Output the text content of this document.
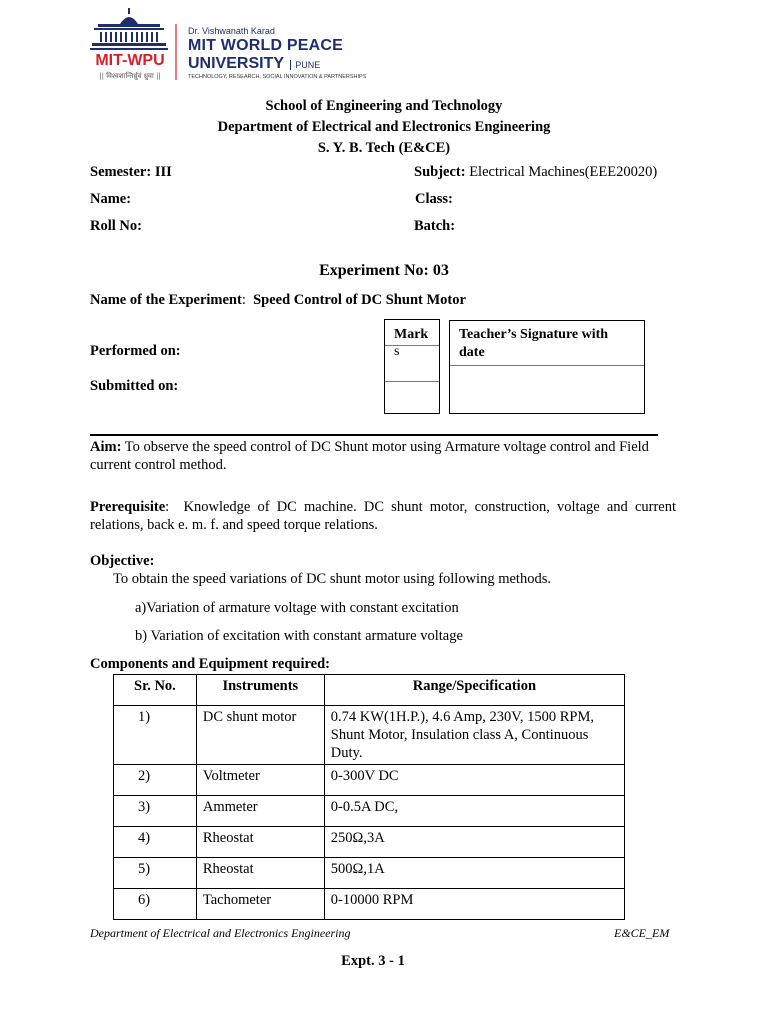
MIT-WPU
|| विश्वशान्तिर्ध्रुवं ध्रुवा ||
Dr. Vishwanath Karad
MIT WORLD PEACE
UNIVERSITY PUNE
TECHNOLOGY, RESEARCH, SOCIAL INNOVATION & PARTNERSHIPS
School of Engineering and Technology
Department of Electrical and Electronics Engineering
S. Y. B. Tech (E&CE)
Semester: III	Subject: Electrical Machines(EEE20020)
Name:	Class:
Roll No:	Batch:
Experiment No: 03
Name of the Experiment:  Speed Control of DC Shunt Motor
Performed on:
Submitted on:
Mark
s
Teacher’s Signature with
date
Aim: To observe the speed control of DC Shunt motor using Armature voltage control and Field
current control method.
Prerequisite:  Knowledge of DC machine. DC shunt motor, construction, voltage and current
relations, back e. m. f. and speed torque relations.
Objective:
To obtain the speed variations of DC shunt motor using following methods.
a)Variation of armature voltage with constant excitation
b) Variation of excitation with constant armature voltage
Components and Equipment required:
Sr. No.	Instruments	Range/Specification
1)	DC shunt motor	0.74 KW(1H.P.), 4.6 Amp, 230V, 1500 RPM, Shunt Motor, Insulation class A, Continuous Duty.
2)	Voltmeter	0-300V DC
3)	Ammeter	0-0.5A DC,
4)	Rheostat	250Ω,3A
5)	Rheostat	500Ω,1A
6)	Tachometer	0-10000 RPM
Department of Electrical and Electronics Engineering	E&CE_EM
Expt. 3 - 1
